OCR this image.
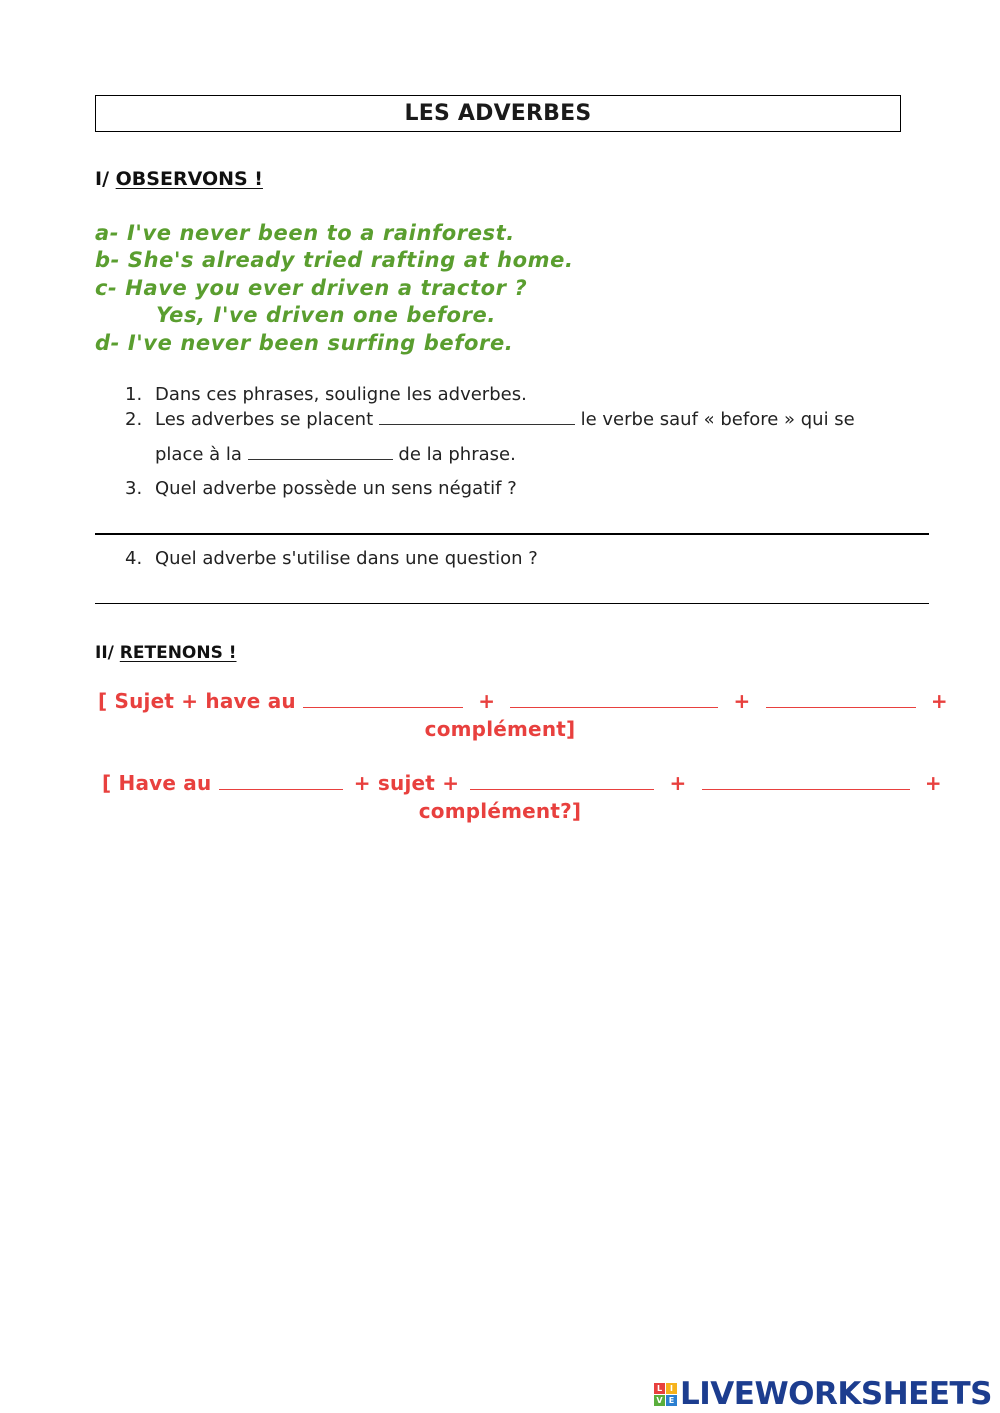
LES ADVERBES
I/ OBSERVONS !
a- I've never been to a rainforest.
b- She's already tried rafting at home.
c- Have you ever driven a tractor ?
Yes, I've driven one before.
d- I've never been surfing before.
1. Dans ces phrases, souligne les adverbes.
2. Les adverbes se placent	le verbe sauf « before » qui se
place à la	de la phrase.
3. Quel adverbe possède un sens négatif ?
4. Quel adverbe s'utilise dans une question ?
II/ RETENONS !
[ Sujet + have au	+	+	+
complément]
[ Have au	+ sujet +	+	+
complément?]
L I
V E LIVEWORKSHEETS
